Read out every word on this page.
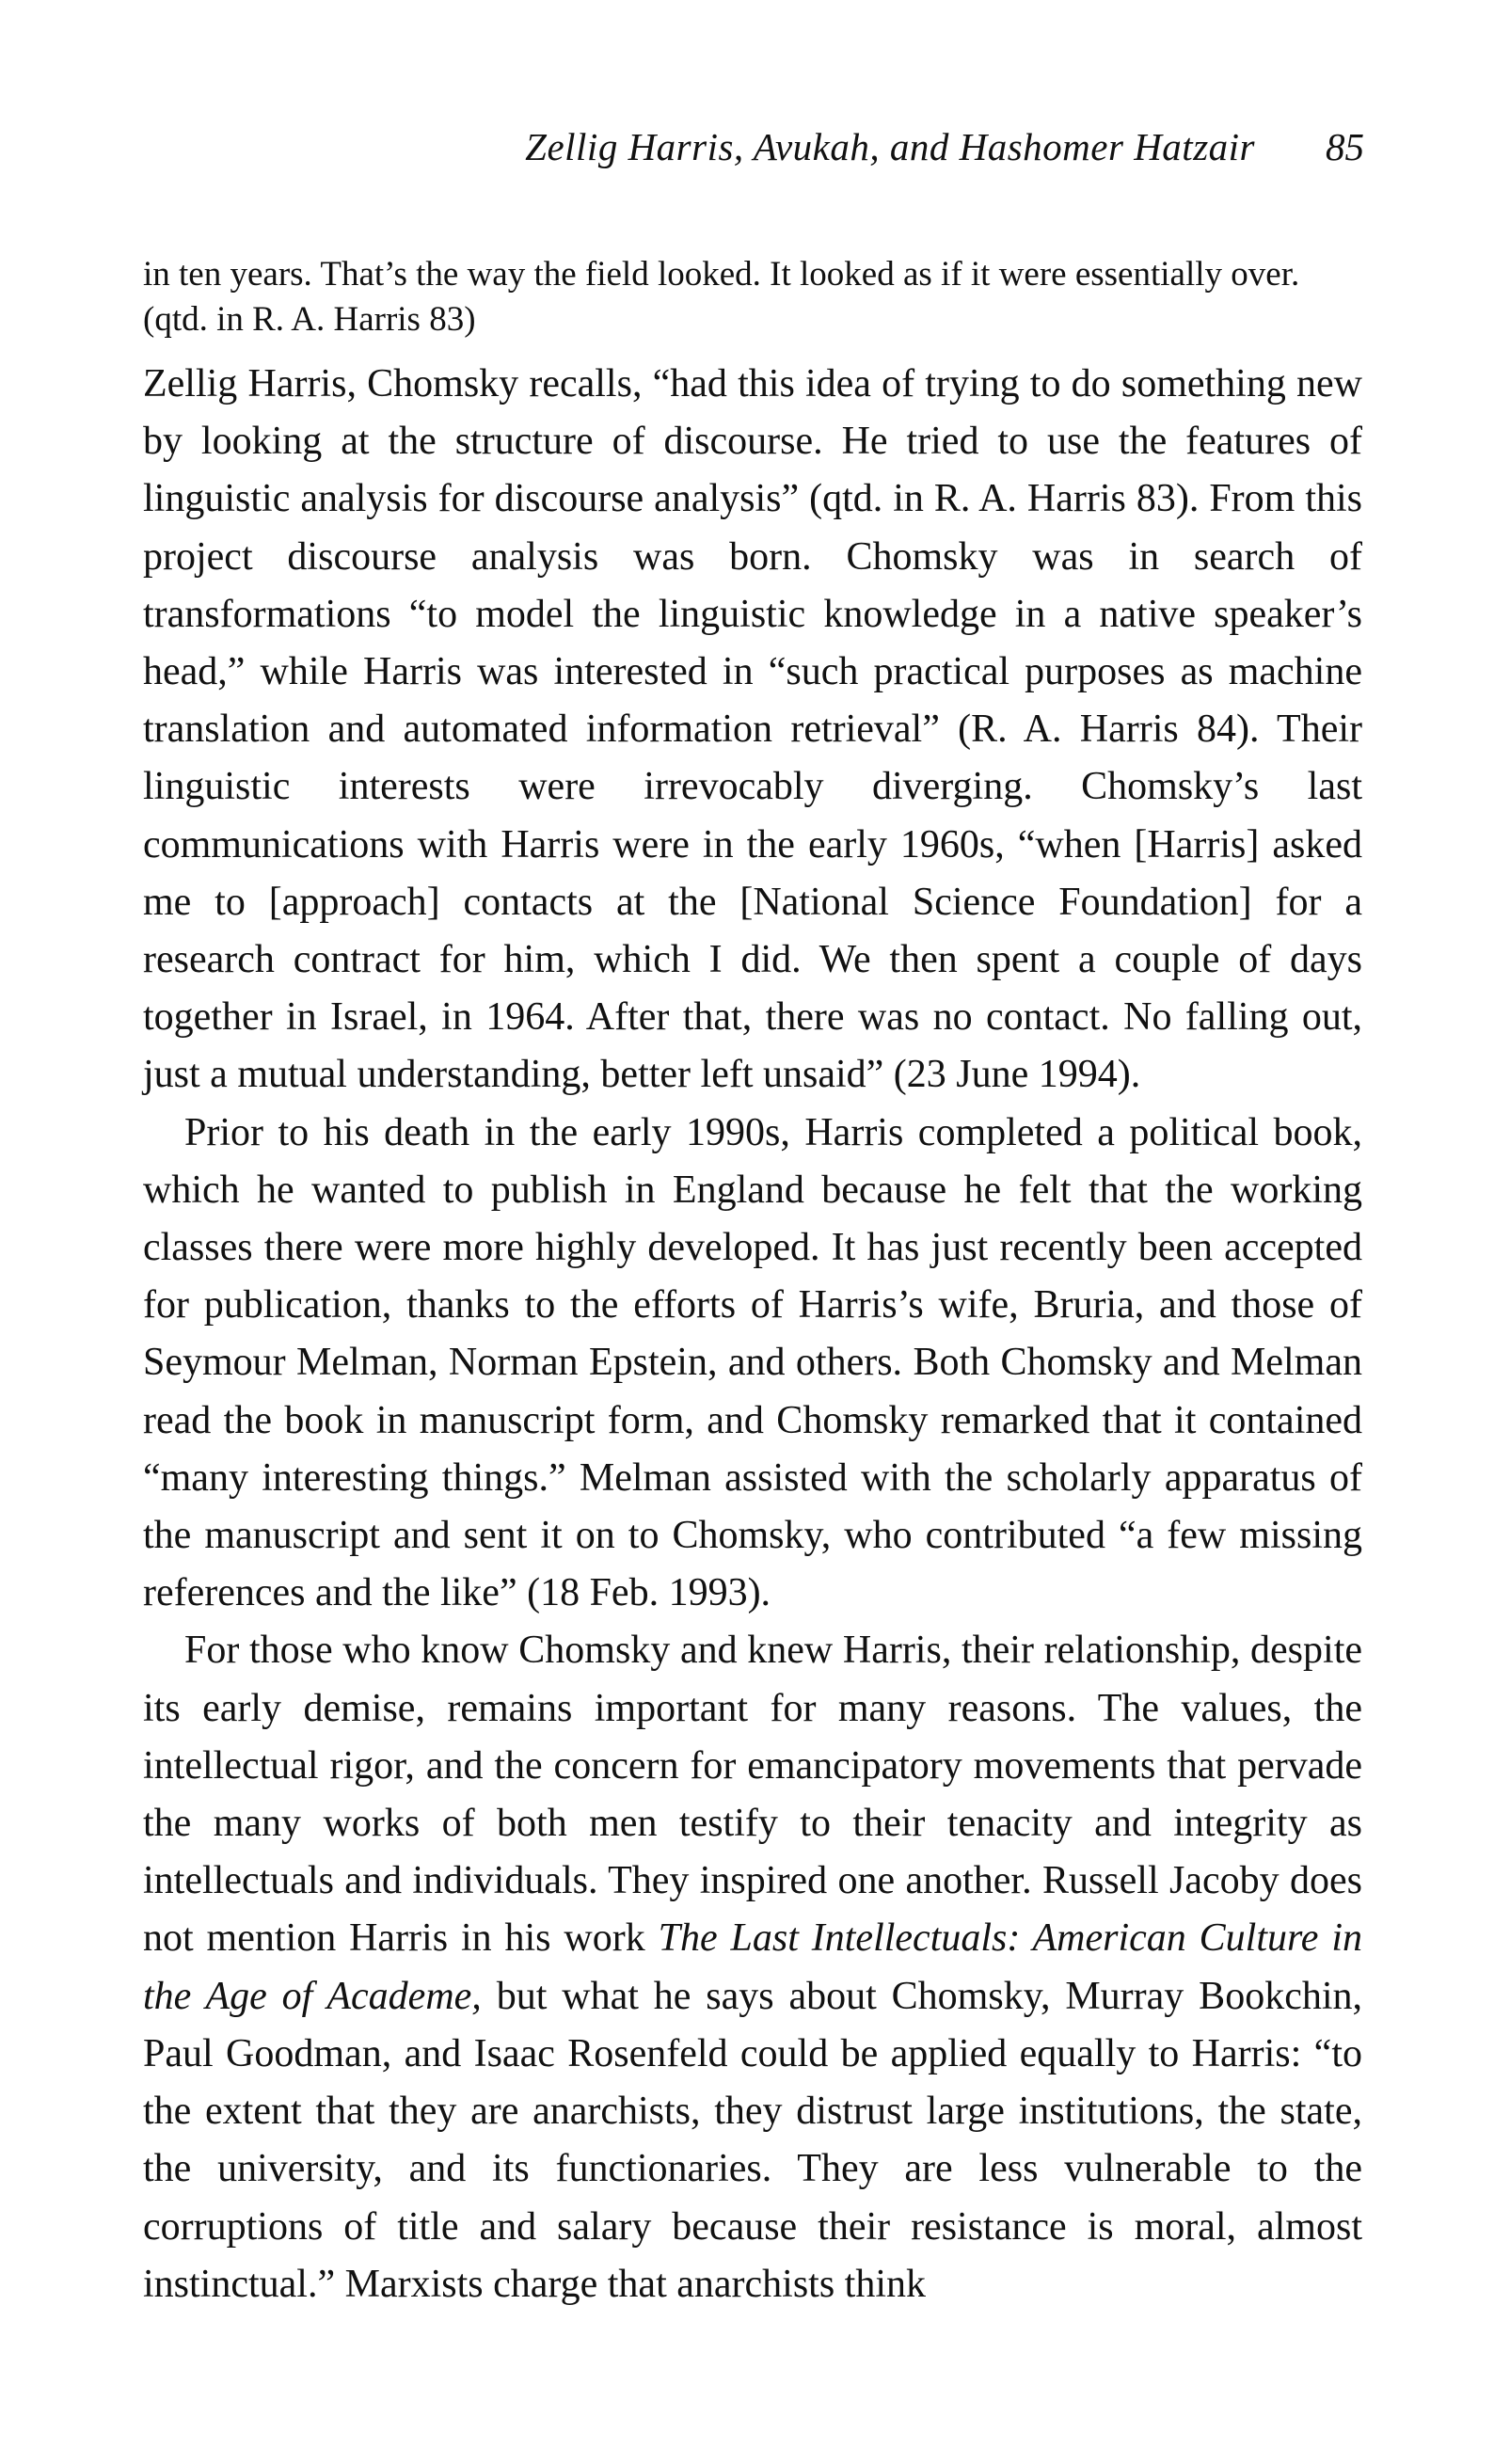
Zellig Harris, Avukah, and Hashomer Hatzair 85
in ten years. That’s the way the field looked. It looked as if it were essentially over.
(qtd. in R. A. Harris 83)

Zellig Harris, Chomsky recalls, “had this idea of trying to do something new by looking at the structure of discourse. He tried to use the features of linguistic analysis for discourse analysis” (qtd. in R. A. Harris 83). From this project discourse analysis was born. Chomsky was in search of transformations “to model the linguistic knowledge in a native speaker’s head,” while Harris was interested in “such practical purposes as machine translation and automated information retrieval” (R. A. Harris 84). Their linguistic interests were irrevocably diverging. Chomsky’s last communications with Harris were in the early 1960s, “when [Harris] asked me to [approach] contacts at the [National Science Foundation] for a research contract for him, which I did. We then spent a couple of days together in Israel, in 1964. After that, there was no contact. No falling out, just a mutual understanding, better left unsaid” (23 June 1994).

Prior to his death in the early 1990s, Harris completed a political book, which he wanted to publish in England because he felt that the working classes there were more highly developed. It has just recently been accepted for publication, thanks to the efforts of Harris’s wife, Bruria, and those of Seymour Melman, Norman Epstein, and others. Both Chomsky and Melman read the book in manuscript form, and Chomsky remarked that it contained “many interesting things.” Melman assisted with the scholarly apparatus of the manuscript and sent it on to Chomsky, who contributed “a few missing references and the like” (18 Feb. 1993).

For those who know Chomsky and knew Harris, their relationship, despite its early demise, remains important for many reasons. The values, the intellectual rigor, and the concern for emancipatory movements that pervade the many works of both men testify to their tenacity and integrity as intellectuals and individuals. They inspired one another. Russell Jacoby does not mention Harris in his work The Last Intellectuals: American Culture in the Age of Academe, but what he says about Chomsky, Murray Bookchin, Paul Goodman, and Isaac Rosenfeld could be applied equally to Harris: “to the extent that they are anarchists, they distrust large institutions, the state, the university, and its functionaries. They are less vulnerable to the corruptions of title and salary because their resistance is moral, almost instinctual.” Marxists charge that anarchists think
